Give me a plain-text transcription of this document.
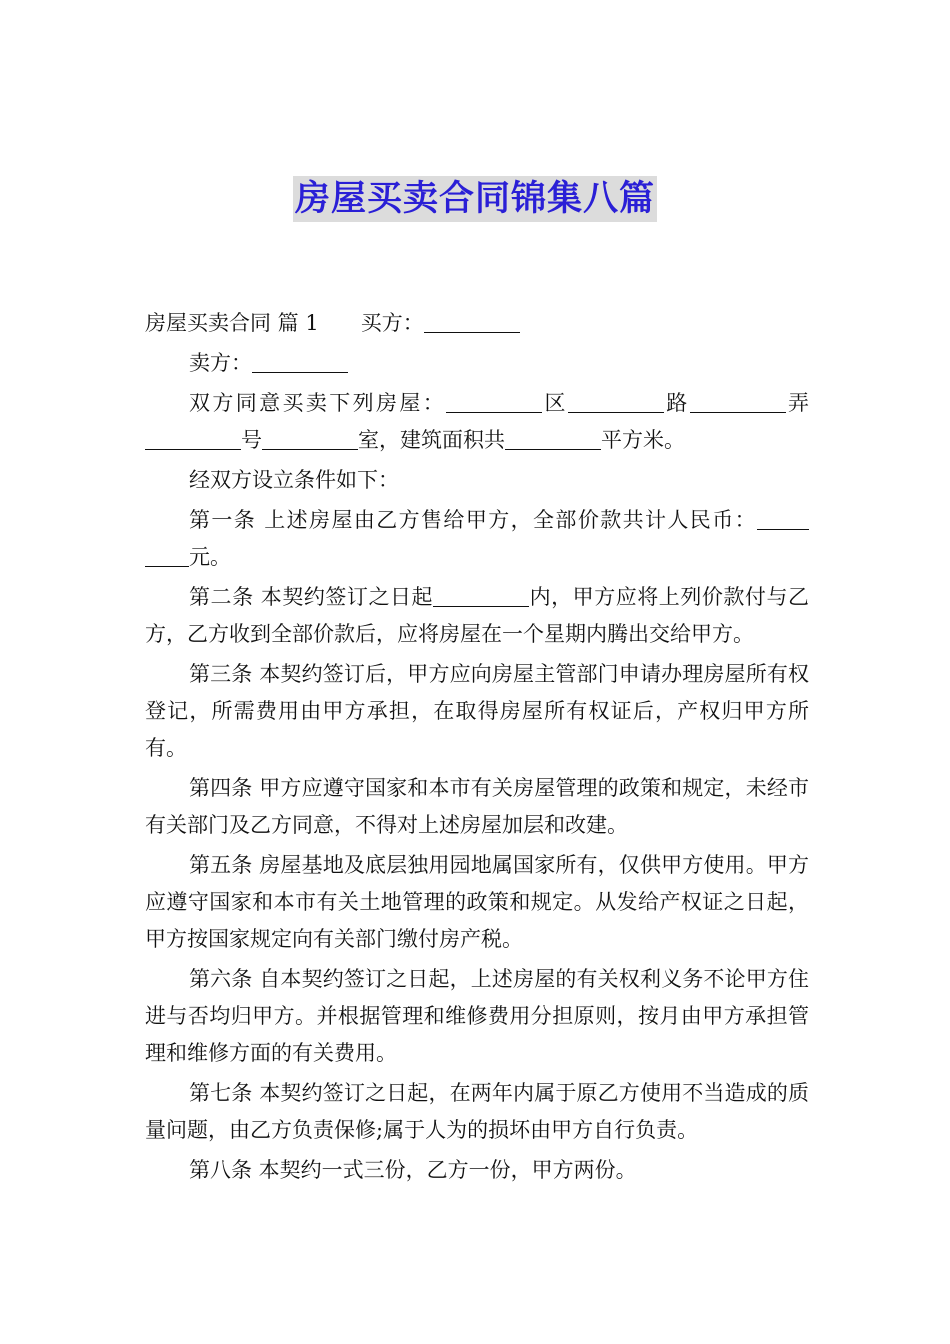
房屋买卖合同锦集八篇

房屋买卖合同 篇 1 买方：

卖方：

双方同意买卖下列房屋：	区	路	弄号	室，建筑面积共	平方米。

经双方设立条件如下：

第一条 上述房屋由乙方售给甲方，全部价款共计人民币：元。

第二条 本契约签订之日起	内，甲方应将上列价款付与乙方，乙方收到全部价款后，应将房屋在一个星期内腾出交给甲方。

第三条 本契约签订后，甲方应向房屋主管部门申请办理房屋所有权登记，所需费用由甲方承担，在取得房屋所有权证后，产权归甲方所有。

第四条 甲方应遵守国家和本市有关房屋管理的政策和规定，未经市有关部门及乙方同意，不得对上述房屋加层和改建。

第五条 房屋基地及底层独用园地属国家所有，仅供甲方使用。甲方应遵守国家和本市有关土地管理的政策和规定。从发给产权证之日起，甲方按国家规定向有关部门缴付房产税。

第六条 自本契约签订之日起，上述房屋的有关权利义务不论甲方住进与否均归甲方。并根据管理和维修费用分担原则，按月由甲方承担管理和维修方面的有关费用。

第七条 本契约签订之日起，在两年内属于原乙方使用不当造成的质量问题，由乙方负责保修;属于人为的损坏由甲方自行负责。

第八条 本契约一式三份，乙方一份，甲方两份。
